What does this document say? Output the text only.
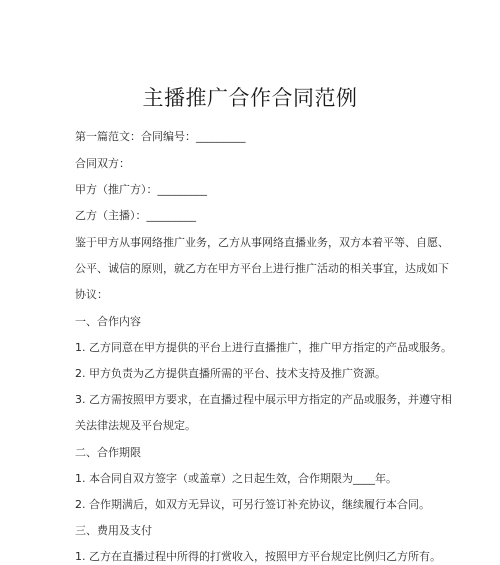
主播推广合作合同范例
第一篇范文：合同编号：_________
合同双方：
甲方（推广方）：_________
乙方（主播）：_________
鉴于甲方从事网络推广业务，乙方从事网络直播业务，双方本着平等、自愿、
公平、诚信的原则，就乙方在甲方平台上进行推广活动的相关事宜，达成如下
协议：
一、合作内容
1. 乙方同意在甲方提供的平台上进行直播推广，推广甲方指定的产品或服务。
2. 甲方负责为乙方提供直播所需的平台、技术支持及推广资源。
3. 乙方需按照甲方要求，在直播过程中展示甲方指定的产品或服务，并遵守相
关法律法规及平台规定。
二、合作期限
1. 本合同自双方签字（或盖章）之日起生效，合作期限为____年。
2. 合作期满后，如双方无异议，可另行签订补充协议，继续履行本合同。
三、费用及支付
1. 乙方在直播过程中所得的打赏收入，按照甲方平台规定比例归乙方所有。
